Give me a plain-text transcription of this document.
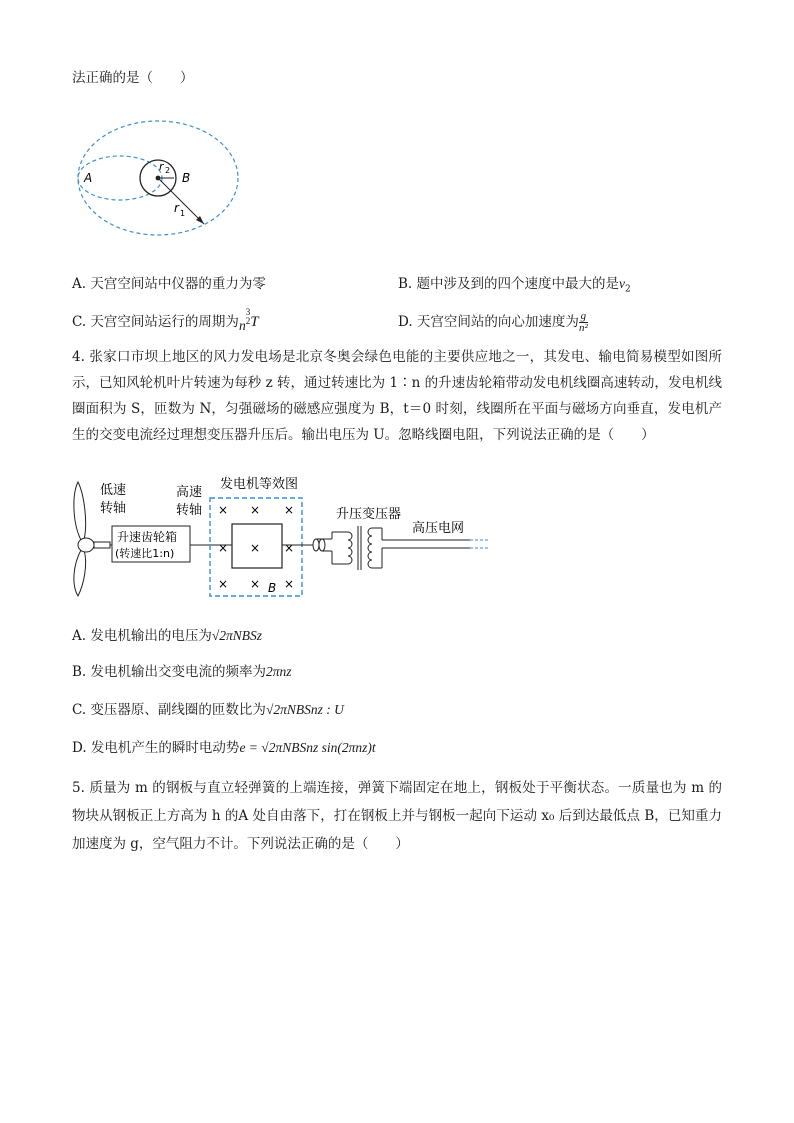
法正确的是（　　）
A	B
r 2
r 1
A. 天宫空间站中仪器的重力为零	B. 题中涉及到的四个速度中最大的是$v_2$
C. 天宫空间站运行的周期为n
3
2 T	D. 天宫空间站的向心加速度为 $\frac{g}{\text{n²}}$
4. 张家口市坝上地区的风力发电场是北京冬奥会绿色电能的主要供应地之一，其发电、输电简易模型如图所示，已知风轮机叶片转速为每秒 z 转，通过转速比为 1∶n 的升速齿轮箱带动发电机线圈高速转动，发电机线圈面积为 S，匝数为 N，匀强磁场的磁感应强度为 B，t＝0 时刻，线圈所在平面与磁场方向垂直，发电机产生的交变电流经过理想变压器升压后。输出电压为 U。忽略线圈电阻，下列说法正确的是（　　）
低速
转轴
升速齿轮箱
(转速比1:n)
高速
转轴
发电机等效图
× × ×
× × ×
× × ×
B
升压变压器
高压电网
A. 发电机输出的电压为√2πNBSz
B. 发电机输出交变电流的频率为2πnz
C. 变压器原、副线圈的匝数比为√2πNBSnz : U
D. 发电机产生的瞬时电动势e = √2πNBSnz sin(2πnz)t
5. 质量为 m 的钢板与直立轻弹簧的上端连接，弹簧下端固定在地上，钢板处于平衡状态。一质量也为 m 的物块从钢板正上方高为 h 的A 处自由落下，打在钢板上并与钢板一起向下运动 x₀ 后到达最低点 B，已知重力加速度为 g，空气阻力不计。下列说法正确的是（　　）
